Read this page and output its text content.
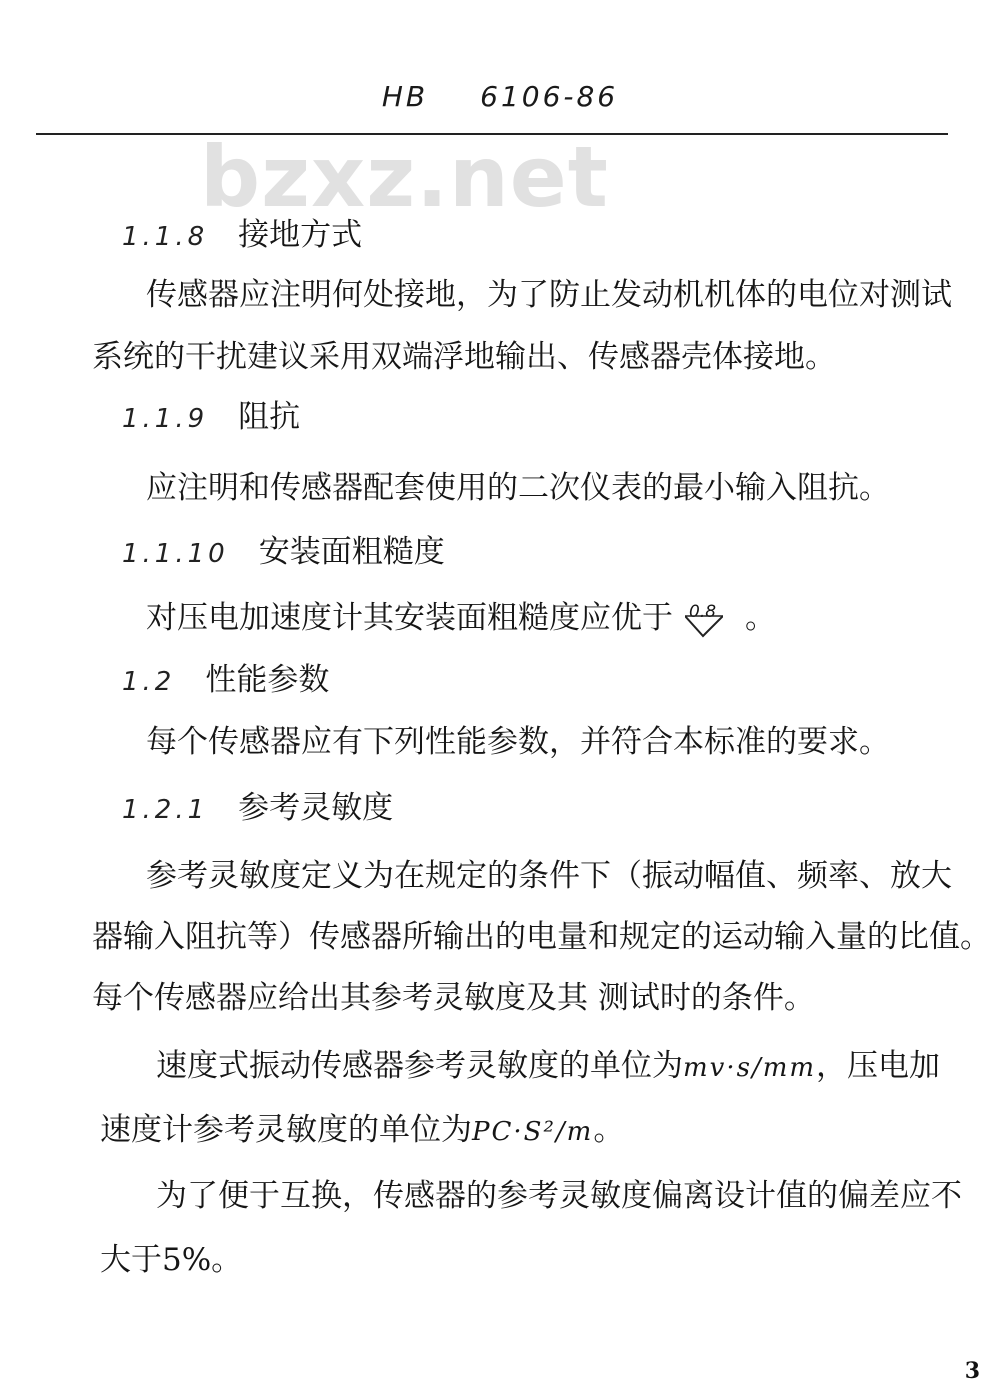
HB 6106-86
bzxz.net
1.1.8 接地方式
传感器应注明何处接地，为了防止发动机机体的电位对测试
系统的干扰建议采用双端浮地输出、传感器壳体接地。
1.1.9 阻抗
应注明和传感器配套使用的二次仪表的最小输入阻抗。
1.1.10 安装面粗糙度
对压电加速度计其安装面粗糙度应优于 0.8 。
1.2 性能参数
每个传感器应有下列性能参数，并符合本标准的要求。
1.2.1 参考灵敏度
参考灵敏度定义为在规定的条件下（振动幅值、频率、放大
器输入阻抗等）传感器所输出的电量和规定的运动输入量的比值。
每个传感器应给出其参考灵敏度及其 测试时的条件。
速度式振动传感器参考灵敏度的单位为mv·s/mm，压电加
速度计参考灵敏度的单位为PC·S²/m。
为了便于互换，传感器的参考灵敏度偏离设计值的偏差应不
大于5%。
3
